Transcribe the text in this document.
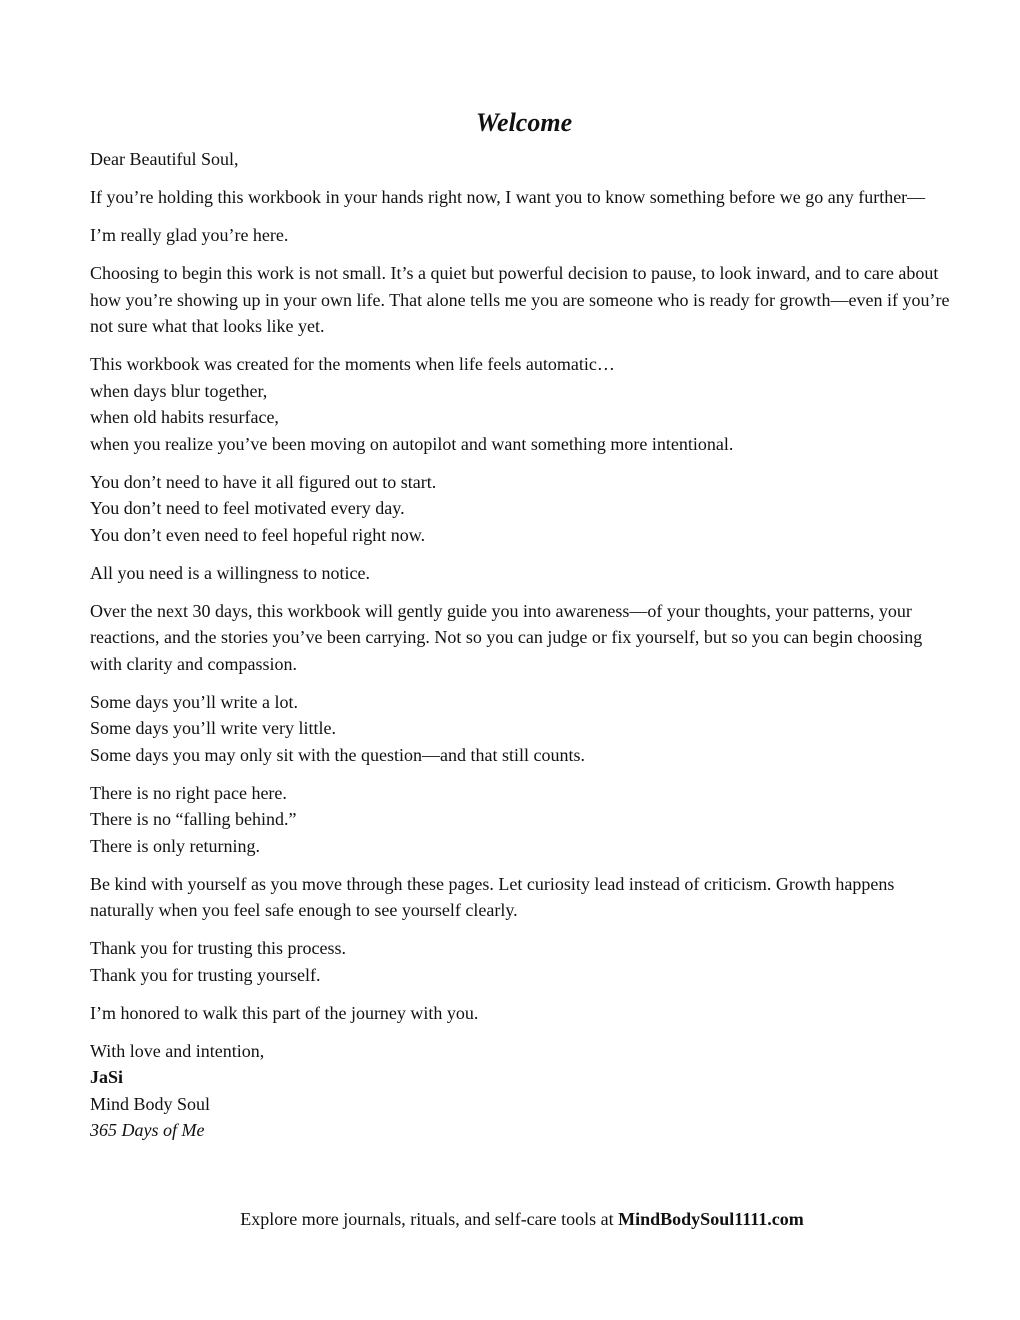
Welcome

Dear Beautiful Soul,

If you’re holding this workbook in your hands right now, I want you to know something before we go any further—

I’m really glad you’re here.

Choosing to begin this work is not small. It’s a quiet but powerful decision to pause, to look inward, and to care about how you’re showing up in your own life. That alone tells me you are someone who is ready for growth—even if you’re not sure what that looks like yet.

This workbook was created for the moments when life feels automatic…
when days blur together,
when old habits resurface,
when you realize you’ve been moving on autopilot and want something more intentional.

You don’t need to have it all figured out to start.
You don’t need to feel motivated every day.
You don’t even need to feel hopeful right now.

All you need is a willingness to notice.

Over the next 30 days, this workbook will gently guide you into awareness—of your thoughts, your patterns, your reactions, and the stories you’ve been carrying. Not so you can judge or fix yourself, but so you can begin choosing with clarity and compassion.

Some days you’ll write a lot.
Some days you’ll write very little.
Some days you may only sit with the question—and that still counts.

There is no right pace here.
There is no “falling behind.”
There is only returning.

Be kind with yourself as you move through these pages. Let curiosity lead instead of criticism. Growth happens naturally when you feel safe enough to see yourself clearly.

Thank you for trusting this process.
Thank you for trusting yourself.

I’m honored to walk this part of the journey with you.

With love and intention,
JaSi
Mind Body Soul
365 Days of Me

Explore more journals, rituals, and self-care tools at MindBodySoul1111.com
